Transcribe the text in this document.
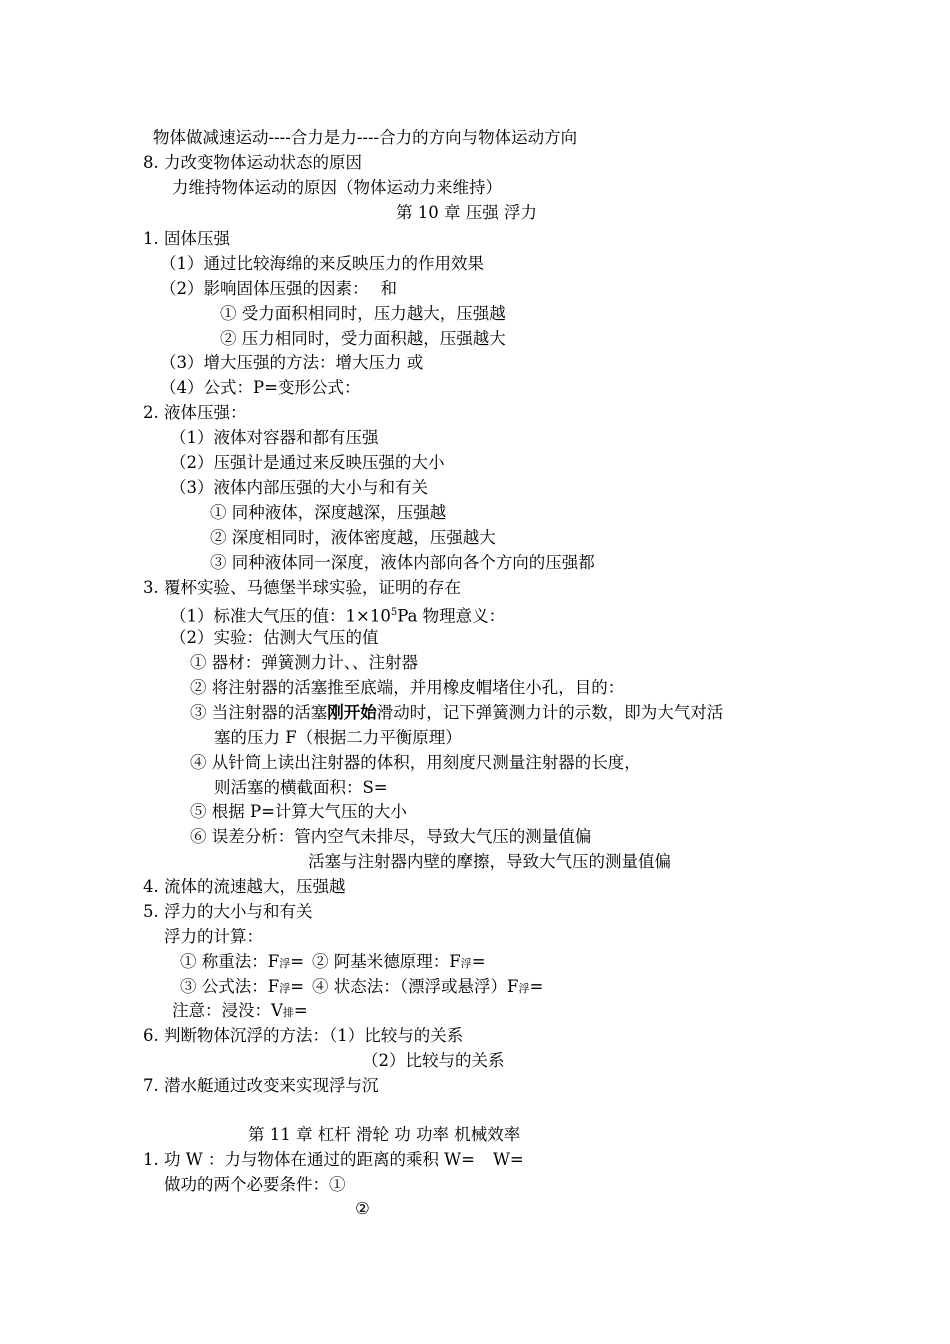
物体做减速运动----合力是力----合力的方向与物体运动方向
8. 力改变物体运动状态的原因
力维持物体运动的原因（物体运动力来维持）
第 10 章 压强 浮力
1. 固体压强
（1）通过比较海绵的来反映压力的作用效果
（2）影响固体压强的因素： 和
① 受力面积相同时，压力越大，压强越
② 压力相同时，受力面积越，压强越大
（3）增大压强的方法：增大压力 或
（4）公式：P=变形公式：
2. 液体压强：
（1）液体对容器和都有压强
（2）压强计是通过来反映压强的大小
（3）液体内部压强的大小与和有关
① 同种液体，深度越深，压强越
② 深度相同时，液体密度越，压强越大
③ 同种液体同一深度，液体内部向各个方向的压强都
3. 覆杯实验、马德堡半球实验，证明的存在
（1）标准大气压的值：$1\times 10^5Pa$ 物理意义：
（2）实验：估测大气压的值
① 器材：弹簧测力计、、注射器
② 将注射器的活塞推至底端，并用橡皮帽堵住小孔，目的：
③ 当注射器的活塞刚开始滑动时，记下弹簧测力计的示数，即为大气对活
塞的压力 F（根据二力平衡原理）
④ 从针筒上读出注射器的体积，用刻度尺测量注射器的长度，
则活塞的横截面积：S=
⑤ 根据 P=计算大气压的大小
⑥ 误差分析：管内空气未排尽，导致大气压的测量值偏
活塞与注射器内壁的摩擦，导致大气压的测量值偏
4. 流体的流速越大，压强越
5. 浮力的大小与和有关
浮力的计算：
① 称重法：F浮= ② 阿基米德原理：F浮=
③ 公式法：F浮= ④ 状态法：（漂浮或悬浮）F浮=
注意：浸没：V排=
6. 判断物体沉浮的方法：（1）比较与的关系
（2）比较与的关系
7. 潜水艇通过改变来实现浮与沉
第 11 章 杠杆 滑轮 功 功率 机械效率
1. 功 W ：力与物体在通过的距离的乘积 W= W=
做功的两个必要条件：①
②
